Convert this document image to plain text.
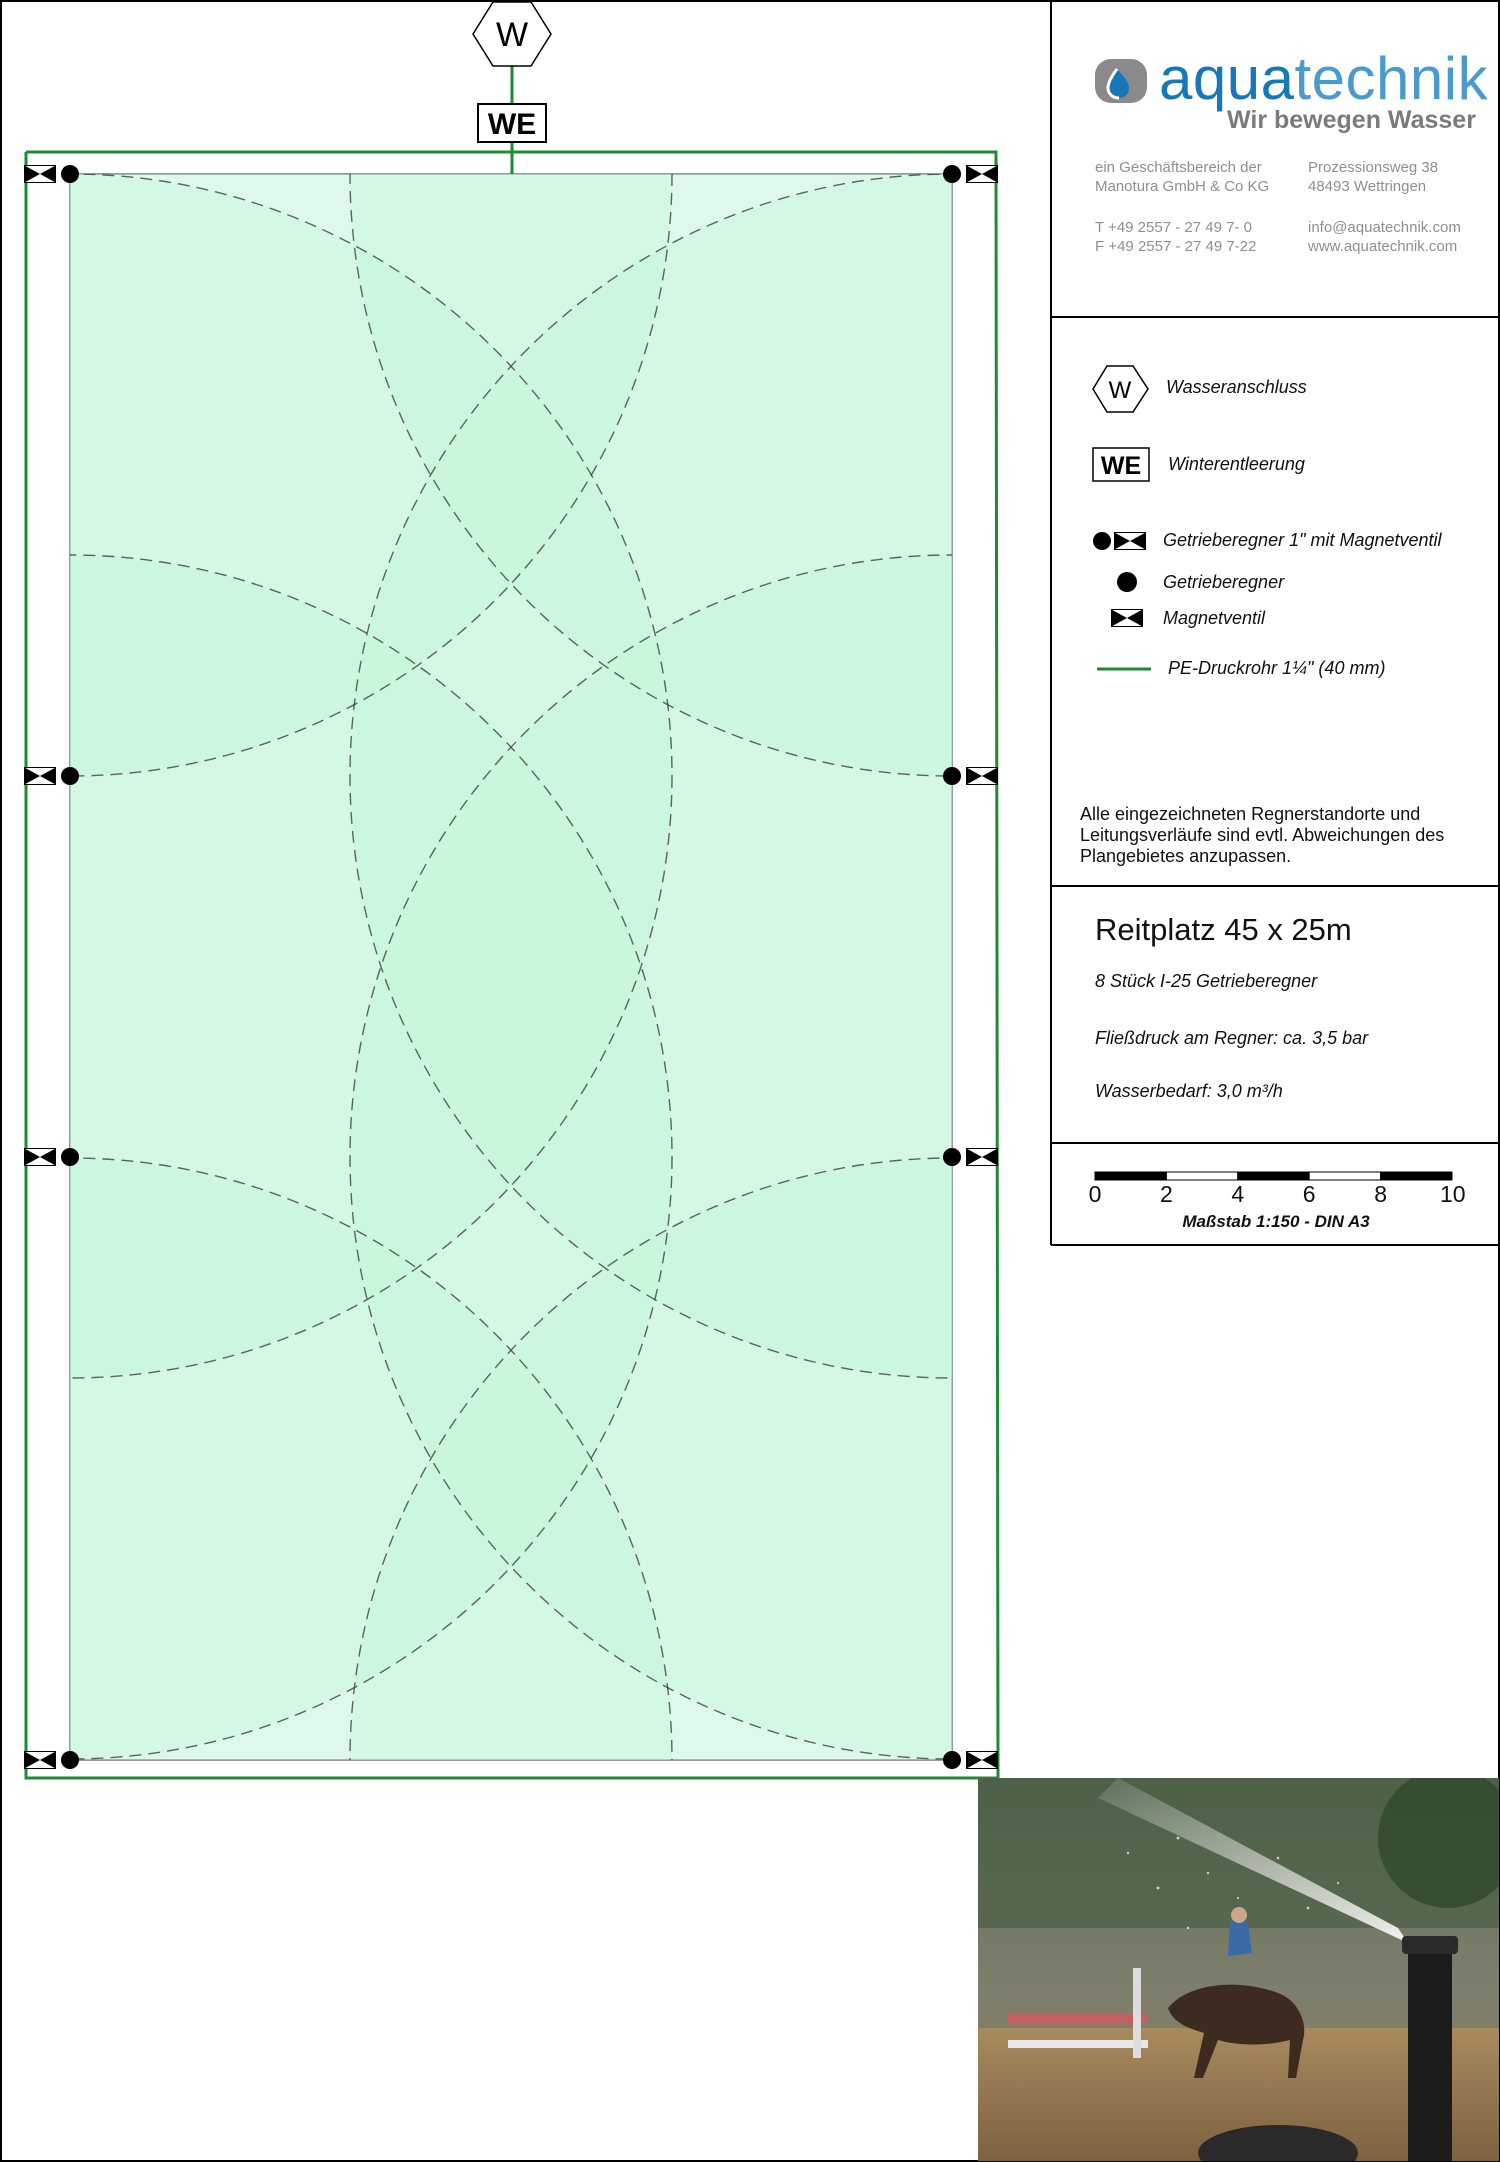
W
WE
W
WE
aquatechnik
Wir bewegen Wasser
ein Geschäftsbereich der
Manotura GmbH & Co KG
Prozessionsweg 38
48493 Wettringen
T +49 2557 - 27 49 7- 0
F +49 2557 - 27 49 7-22
info@aquatechnik.com
www.aquatechnik.com
Wasseranschluss
Winterentleerung
Getrieberegner 1" mit Magnetventil
Getrieberegner
Magnetventil
PE-Druckrohr 1¼" (40 mm)
Alle eingezeichneten Regnerstandorte und
Leitungsverläufe sind evtl. Abweichungen des
Plangebietes anzupassen.
Reitplatz 45 x 25m
8 Stück I-25 Getrieberegner
Fließdruck am Regner: ca. 3,5 bar
Wasserbedarf: 3,0 m³/h
Maßstab 1:150 - DIN A3
0	2	4	6	8 10
